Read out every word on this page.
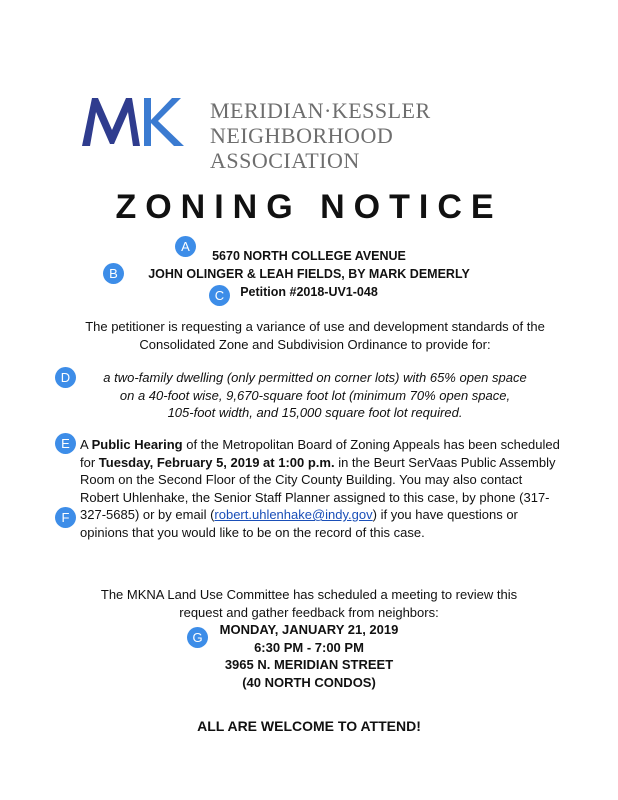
MERIDIAN·KESSLER
NEIGHBORHOOD ASSOCIATION
ZONING NOTICE
5670 NORTH COLLEGE AVENUE
JOHN OLINGER & LEAH FIELDS, BY MARK DEMERLY
Petition #2018-UV1-048
The petitioner is requesting a variance of use and development standards of the Consolidated Zone and Subdivision Ordinance to provide for:
a two-family dwelling (only permitted on corner lots) with 65% open space
on a 40-foot wise, 9,670-square foot lot (minimum 70% open space,
105-foot width, and 15,000 square foot lot required.
A Public Hearing of the Metropolitan Board of Zoning Appeals has been scheduled for Tuesday, February 5, 2019 at 1:00 p.m. in the Beurt SerVaas Public Assembly Room on the Second Floor of the City County Building. You may also contact Robert Uhlenhake, the Senior Staff Planner assigned to this case, by phone (317-327-5685) or by email (robert.uhlenhake@indy.gov) if you have questions or opinions that you would like to be on the record of this case.
The MKNA Land Use Committee has scheduled a meeting to review this request and gather feedback from neighbors:
MONDAY, JANUARY 21, 2019
6:30 PM - 7:00 PM
3965 N. MERIDIAN STREET
(40 NORTH CONDOS)
ALL ARE WELCOME TO ATTEND!
A
B
C
D
E
F
G
